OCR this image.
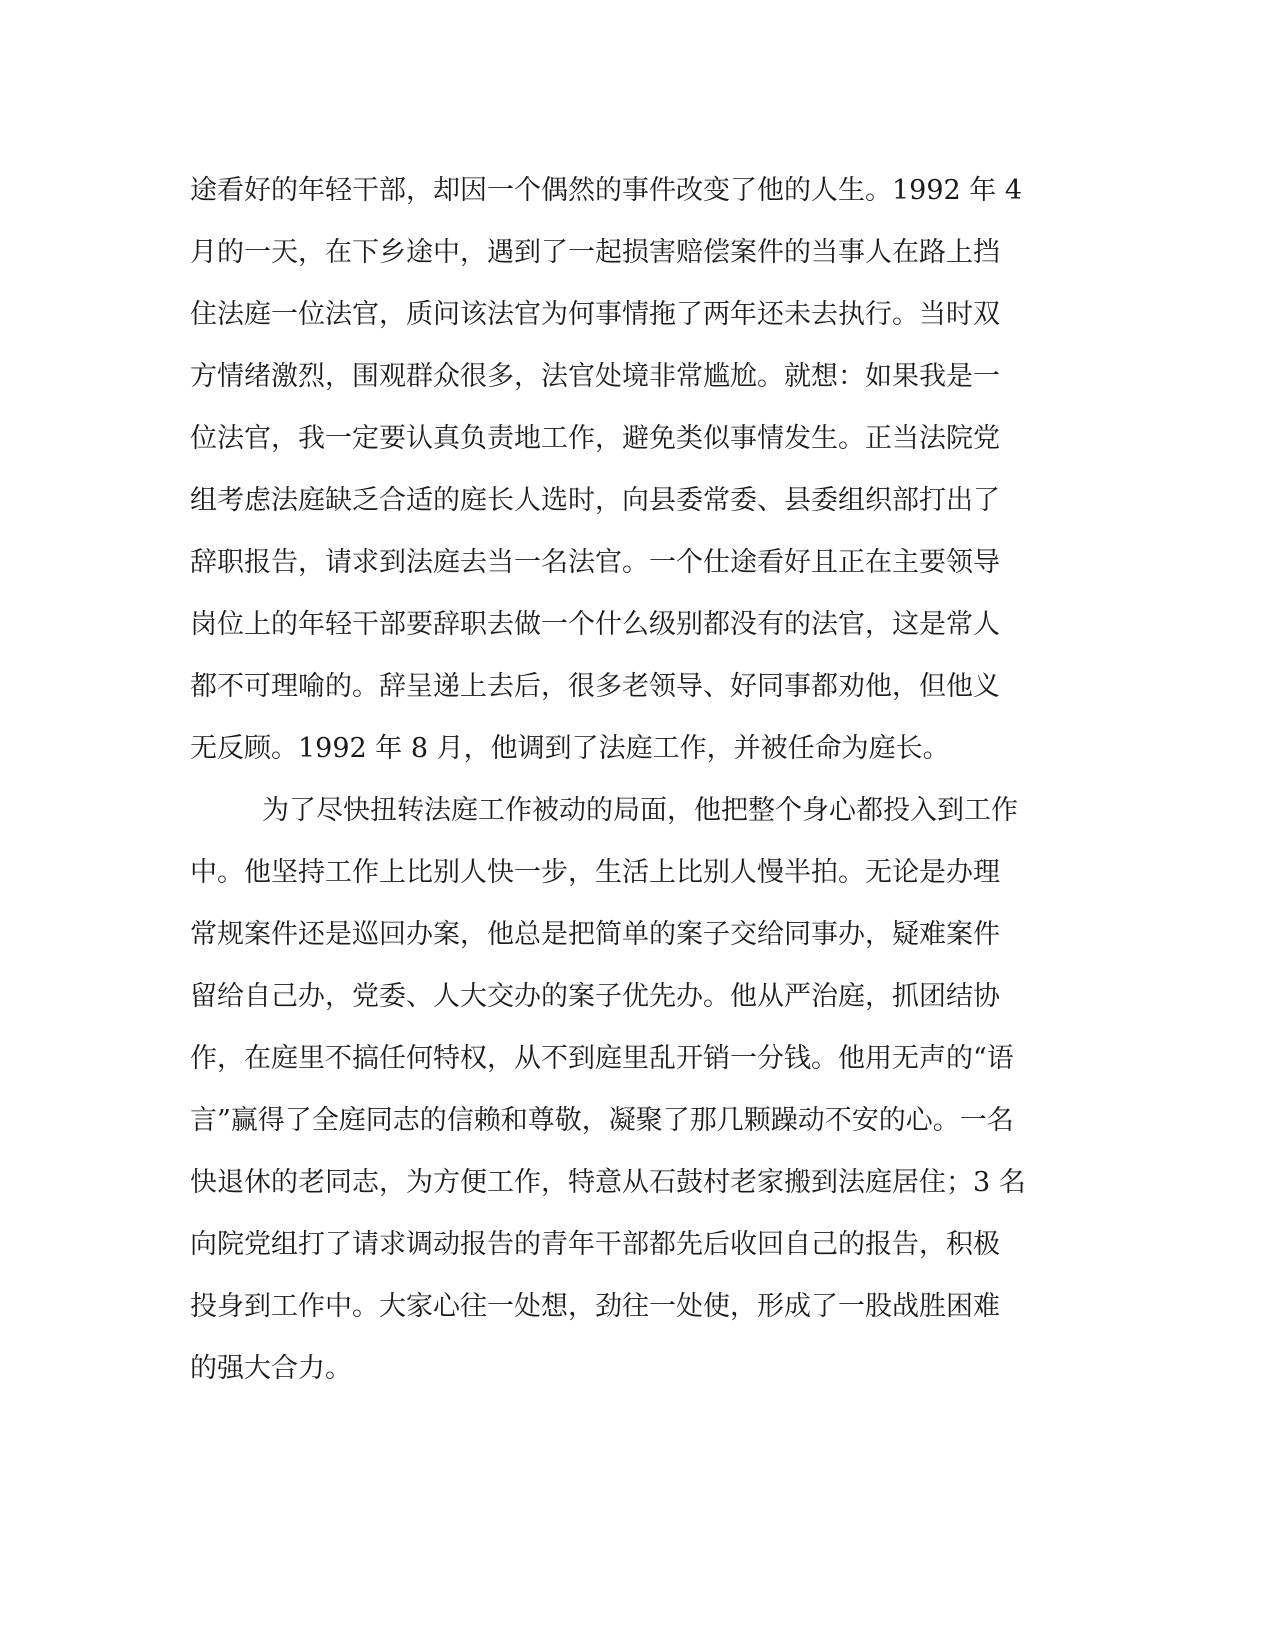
途看好的年轻干部，却因一个偶然的事件改变了他的人生。1992 年 4
月的一天，在下乡途中，遇到了一起损害赔偿案件的当事人在路上挡
住法庭一位法官，质问该法官为何事情拖了两年还未去执行。当时双
方情绪激烈，围观群众很多，法官处境非常尴尬。就想：如果我是一
位法官，我一定要认真负责地工作，避免类似事情发生。正当法院党
组考虑法庭缺乏合适的庭长人选时，向县委常委、县委组织部打出了
辞职报告，请求到法庭去当一名法官。一个仕途看好且正在主要领导
岗位上的年轻干部要辞职去做一个什么级别都没有的法官，这是常人
都不可理喻的。辞呈递上去后，很多老领导、好同事都劝他，但他义
无反顾。1992 年 8 月，他调到了法庭工作，并被任命为庭长。
为了尽快扭转法庭工作被动的局面，他把整个身心都投入到工作
中。他坚持工作上比别人快一步，生活上比别人慢半拍。无论是办理
常规案件还是巡回办案，他总是把简单的案子交给同事办，疑难案件
留给自己办，党委、人大交办的案子优先办。他从严治庭，抓团结协
作，在庭里不搞任何特权，从不到庭里乱开销一分钱。他用无声的“语
言”赢得了全庭同志的信赖和尊敬，凝聚了那几颗躁动不安的心。一名
快退休的老同志，为方便工作，特意从石鼓村老家搬到法庭居住；3 名
向院党组打了请求调动报告的青年干部都先后收回自己的报告，积极
投身到工作中。大家心往一处想，劲往一处使，形成了一股战胜困难
的强大合力。
